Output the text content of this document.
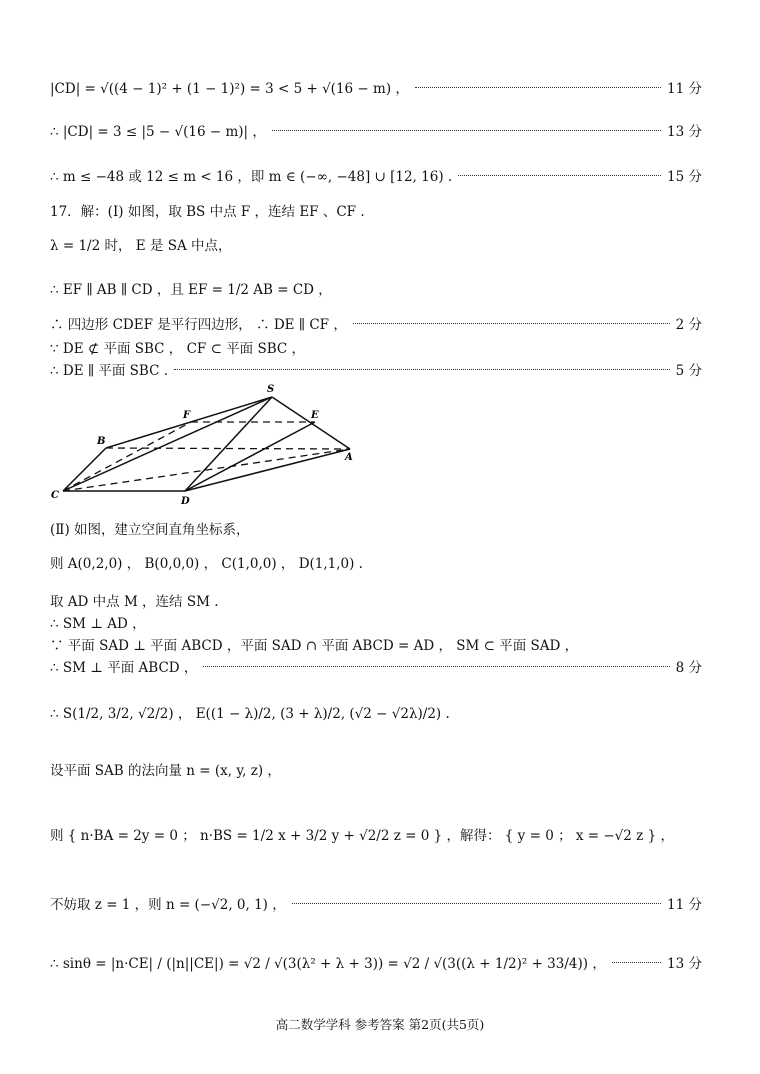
|CD| = √((4 − 1)² + (1 − 1)²) = 3 < 5 + √(16 − m) ，	11 分
∴ |CD| = 3 ≤ |5 − √(16 − m)| ，	13 分
∴ m ≤ −48 或 12 ≤ m < 16 ，即 m ∈ (−∞, −48] ∪ [12, 16) .	15 分
17．解：(Ⅰ) 如图，取 BS 中点 F ，连结 EF 、CF .
λ = 1/2 时， E 是 SA 中点，
∴ EF ∥ AB ∥ CD ，且 EF = 1/2 AB = CD ，
∴ 四边形 CDEF 是平行四边形， ∴ DE ∥ CF ，	2 分
∵ DE ⊄ 平面 SBC ， CF ⊂ 平面 SBC ，
∴ DE ∥ 平面 SBC .	5 分
S
F	E
B
A
C
D
(Ⅱ) 如图，建立空间直角坐标系，
则 A(0,2,0) ， B(0,0,0) ， C(1,0,0) ， D(1,1,0) .
取 AD 中点 M ，连结 SM .
∴ SM ⊥ AD ，
∵ 平面 SAD ⊥ 平面 ABCD ，平面 SAD ∩ 平面 ABCD = AD ， SM ⊂ 平面 SAD ，
∴ SM ⊥ 平面 ABCD ，	8 分
∴ S(1/2, 3/2, √2/2) ， E((1 − λ)/2, (3 + λ)/2, (√2 − √2λ)/2) .
设平面 SAB 的法向量 n = (x, y, z) ，
则 { n·BA = 2y = 0 ； n·BS = 1/2 x + 3/2 y + √2/2 z = 0 } ，解得： { y = 0 ； x = −√2 z } ，
不妨取 z = 1 ，则 n = (−√2, 0, 1) ，	11 分
∴ sinθ = |n·CE| / (|n||CE|) = √2 / √(3(λ² + λ + 3)) = √2 / √(3((λ + 1/2)² + 33/4)) ，	13 分
高二数学学科 参考答案 第2页(共5页)
